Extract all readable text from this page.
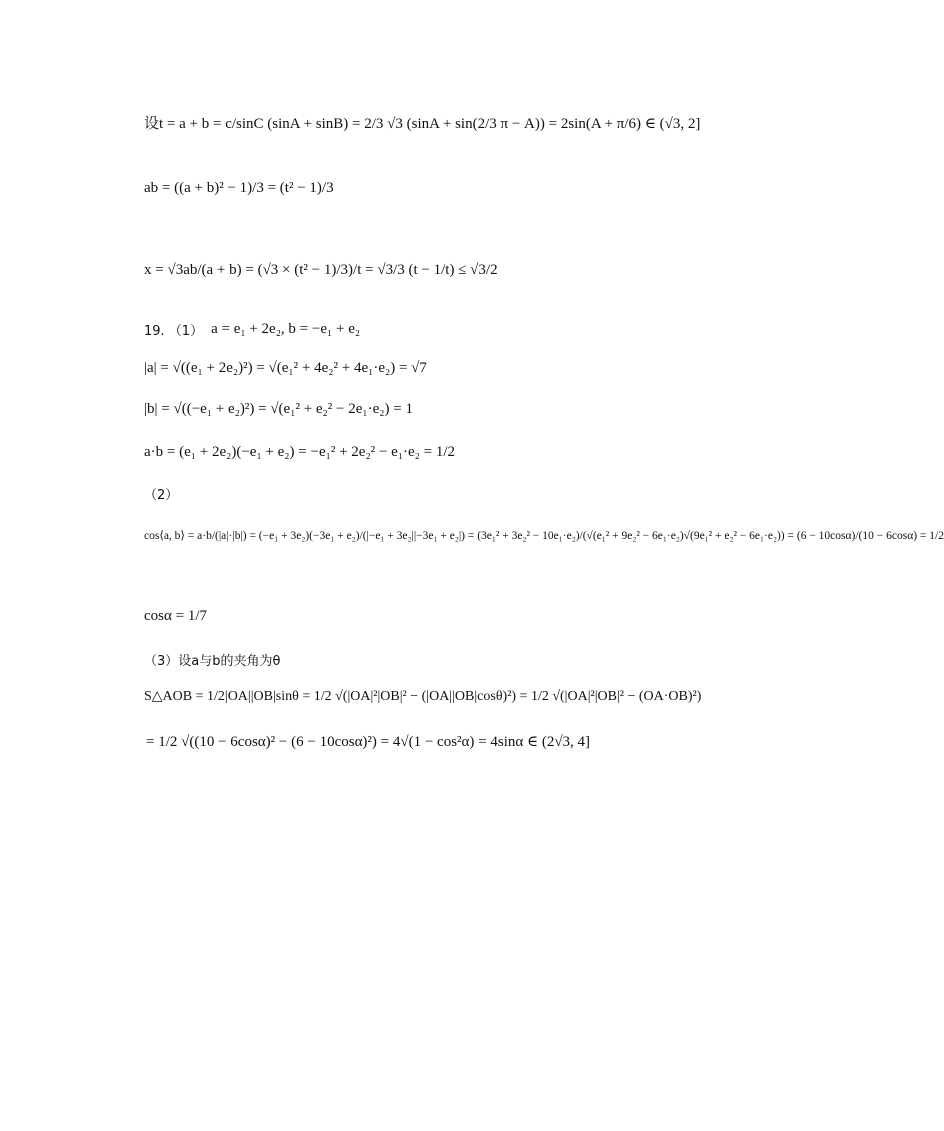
设t = a + b = c/sinC (sinA + sinB) = 2/3 √3 (sinA + sin(2/3 π − A)) = 2sin(A + π/6) ∈ (√3, 2]
ab = ((a + b)² − 1)/3 = (t² − 1)/3
x = √3ab/(a + b) = (√3 × (t² − 1)/3)/t = √3/3 (t − 1/t) ≤ √3/2
19. （1） a = e₁ + 2e₂, b = −e₁ + e₂
|a| = √((e₁ + 2e₂)²) = √(e₁² + 4e₂² + 4e₁·e₂) = √7
|b| = √((−e₁ + e₂)²) = √(e₁² + e₂² − 2e₁·e₂) = 1
a·b = (e₁ + 2e₂)(−e₁ + e₂) = −e₁² + 2e₂² − e₁·e₂ = 1/2
（2）
cos⟨a, b⟩ = a·b/(|a|·|b|) = (−e₁ + 3e₂)(−3e₁ + e₂)/(|−e₁ + 3e₂||−3e₁ + e₂|) = (3e₁² + 3e₂² − 10e₁·e₂)/(√(e₁² + 9e₂² − 6e₁·e₂)√(9e₁² + e₂² − 6e₁·e₂)) = (6 − 10cosα)/(10 − 6cosα) = 1/2
cosα = 1/7
（3）设a与b的夹角为θ
S△AOB = 1/2|OA||OB|sinθ = 1/2 √(|OA|²|OB|² − (|OA||OB|cosθ)²) = 1/2 √(|OA|²|OB|² − (OA·OB)²)
= 1/2 √((10 − 6cosα)² − (6 − 10cosα)²) = 4√(1 − cos²α) = 4sinα ∈ (2√3, 4]
